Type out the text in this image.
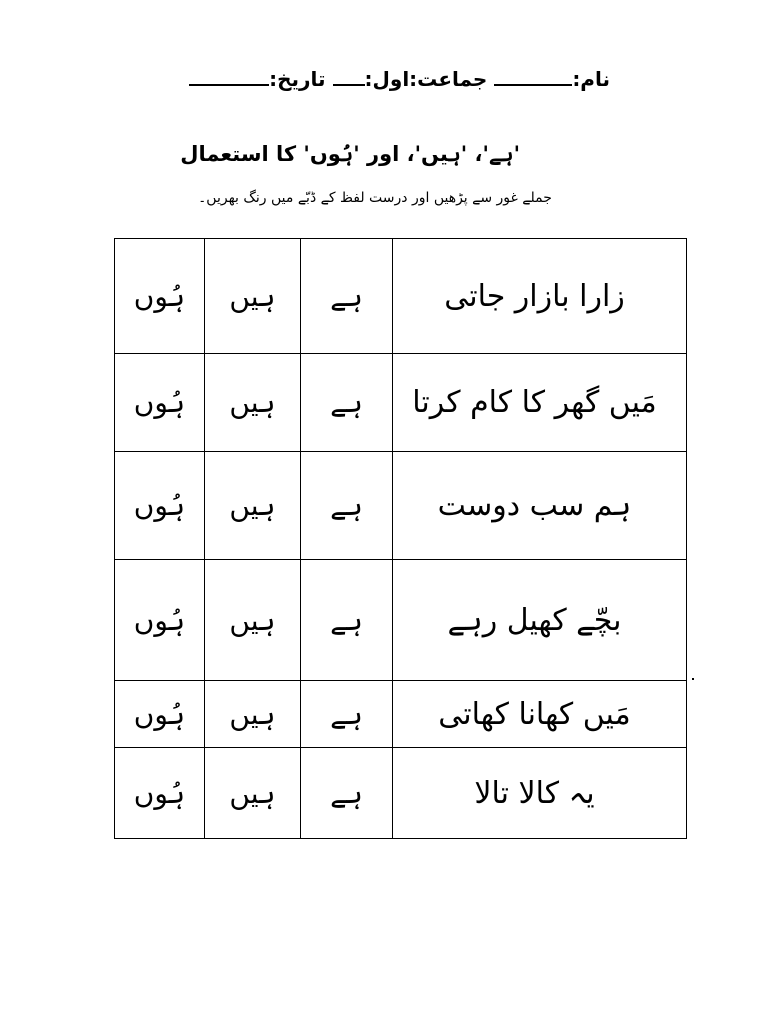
نام: جماعت:اول: تاریخ:
'ہے'، 'ہیں'، اور 'ہُوں' کا استعمال
جملے غور سے پڑھیں اور درست لفظ کے ڈبّے میں رنگ بھریں۔
ہُوں	ہیں	ہے	زارا بازار جاتی
ہُوں	ہیں	ہے	مَیں گھر کا کام کرتا
ہُوں	ہیں	ہے	ہم سب دوست
ہُوں	ہیں	ہے	بچّے کھیل رہے
ہُوں	ہیں	ہے	مَیں کھانا کھاتی
ہُوں	ہیں	ہے	یہ کالا تالا
